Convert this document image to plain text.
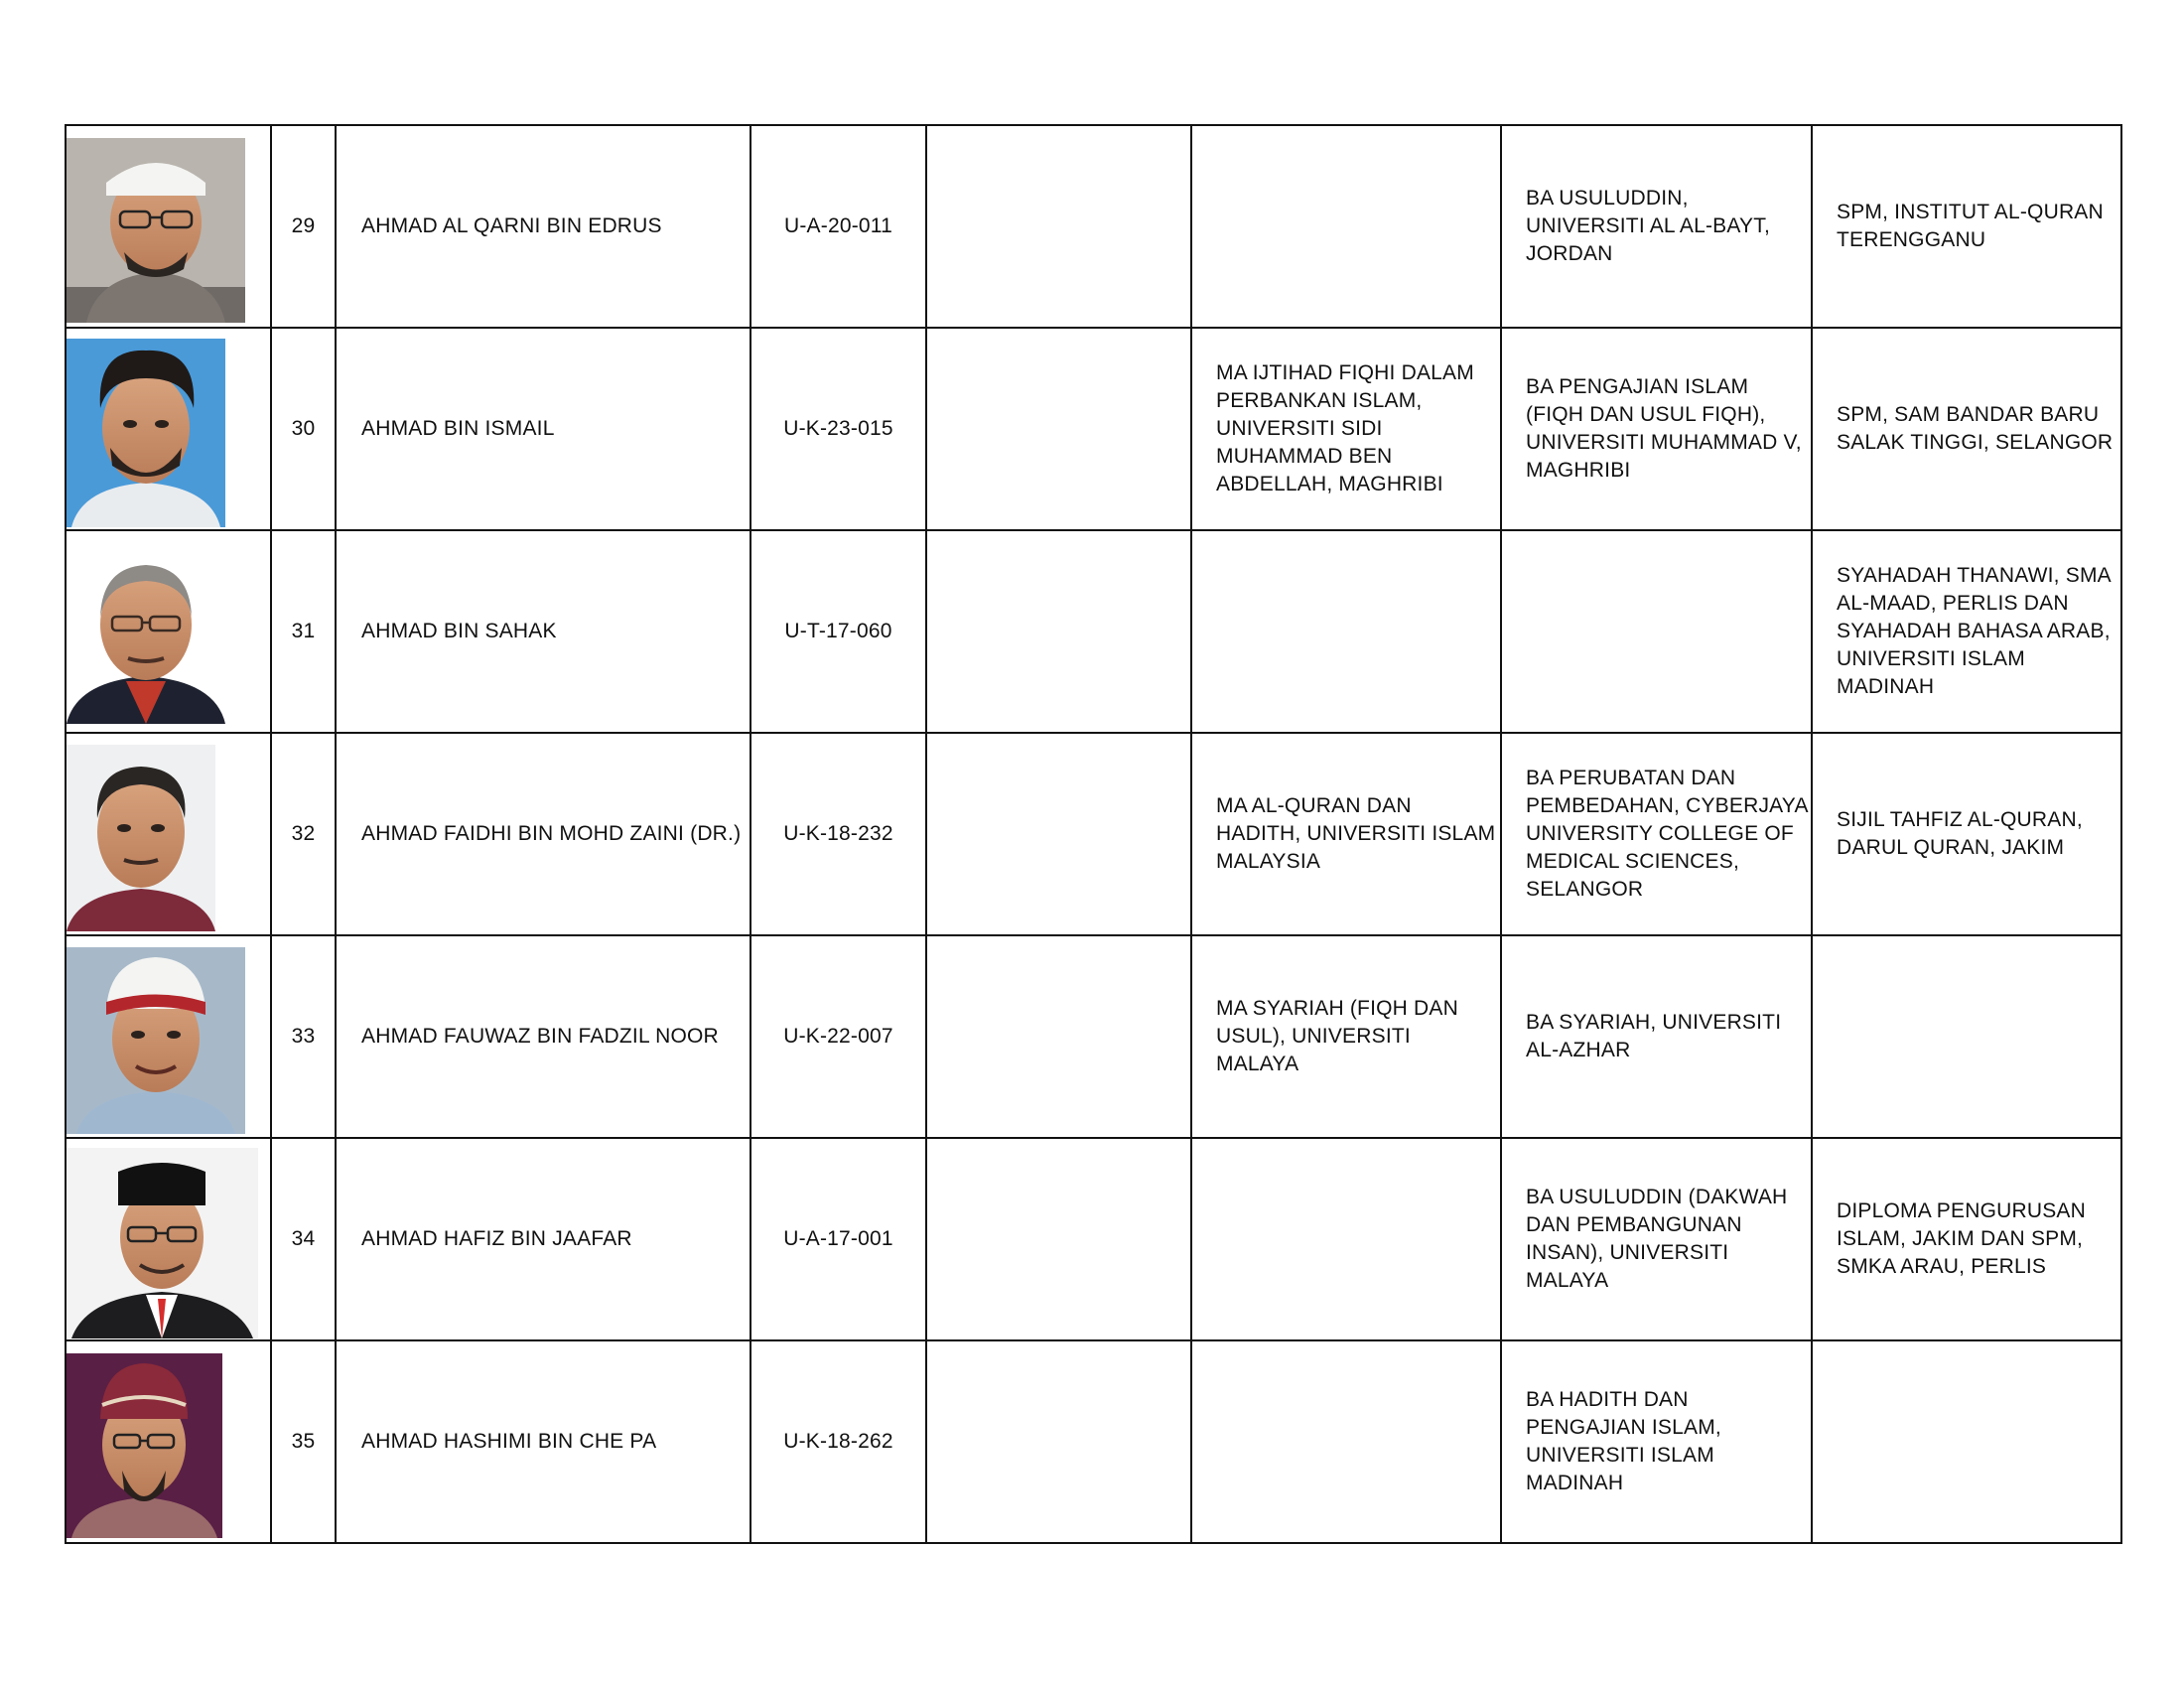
	29	AHMAD AL QARNI BIN EDRUS	U-A-20-011			BA USULUDDIN, UNIVERSITI AL AL-BAYT, JORDAN	SPM, INSTITUT AL-QURAN TERENGGANU

	30	AHMAD BIN ISMAIL	U-K-23-015		MA IJTIHAD FIQHI DALAM PERBANKAN ISLAM, UNIVERSITI SIDI MUHAMMAD BEN ABDELLAH, MAGHRIBI	BA PENGAJIAN ISLAM (FIQH DAN USUL FIQH), UNIVERSITI MUHAMMAD V, MAGHRIBI	SPM, SAM BANDAR BARU SALAK TINGGI, SELANGOR

	31	AHMAD BIN SAHAK	U-T-17-060				SYAHADAH THANAWI, SMA AL-MAAD, PERLIS DAN SYAHADAH BAHASA ARAB, UNIVERSITI ISLAM MADINAH

	32	AHMAD FAIDHI BIN MOHD ZAINI (DR.)	U-K-18-232		MA AL-QURAN DAN HADITH, UNIVERSITI ISLAM MALAYSIA	BA PERUBATAN DAN PEMBEDAHAN, CYBERJAYA UNIVERSITY COLLEGE OF MEDICAL SCIENCES, SELANGOR	SIJIL TAHFIZ AL-QURAN, DARUL QURAN, JAKIM

	33	AHMAD FAUWAZ BIN FADZIL NOOR	U-K-22-007		MA SYARIAH (FIQH DAN USUL), UNIVERSITI MALAYA	BA SYARIAH, UNIVERSITI AL-AZHAR	

	34	AHMAD HAFIZ BIN JAAFAR	U-A-17-001			BA USULUDDIN (DAKWAH DAN PEMBANGUNAN INSAN), UNIVERSITI MALAYA	DIPLOMA PENGURUSAN ISLAM, JAKIM DAN SPM, SMKA ARAU, PERLIS

	35	AHMAD HASHIMI BIN CHE PA	U-K-18-262			BA HADITH DAN PENGAJIAN ISLAM, UNIVERSITI ISLAM MADINAH	
